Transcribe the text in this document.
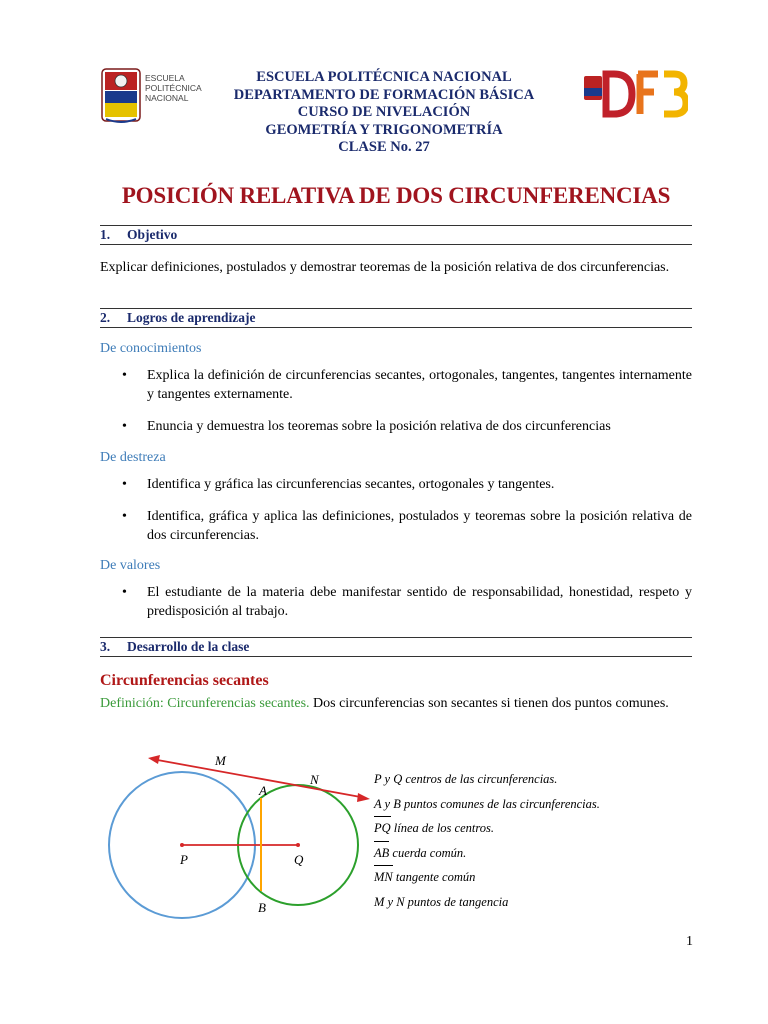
ESCUELA
POLITÉCNICA
NACIONAL
ESCUELA POLITÉCNICA NACIONAL
DEPARTAMENTO DE FORMACIÓN BÁSICA
CURSO DE NIVELACIÓN
GEOMETRÍA Y TRIGONOMETRÍA
CLASE No. 27
POSICIÓN RELATIVA DE DOS CIRCUNFERENCIAS
1. Objetivo
Explicar definiciones, postulados y demostrar teoremas de la posición relativa de dos circunferencias.
2. Logros de aprendizaje
De conocimientos
• Explica la definición de circunferencias secantes, ortogonales, tangentes, tangentes internamente y tangentes externamente.
• Enuncia y demuestra los teoremas sobre la posición relativa de dos circunferencias
De destreza
• Identifica y gráfica las circunferencias secantes, ortogonales y tangentes.
• Identifica, gráfica y aplica las definiciones, postulados y teoremas sobre la posición relativa de dos circunferencias.
De valores
• El estudiante de la materia debe manifestar sentido de responsabilidad, honestidad, respeto y predisposición al trabajo.
3. Desarrollo de la clase
Circunferencias secantes
Definición: Circunferencias secantes. Dos circunferencias son secantes si tienen dos puntos comunes.
M
N
A
B
P	Q
P y Q centros de las circunferencias.
A y B puntos comunes de las circunferencias.
PQ línea de los centros.
AB cuerda común.
MN tangente común
M y N puntos de tangencia
1
